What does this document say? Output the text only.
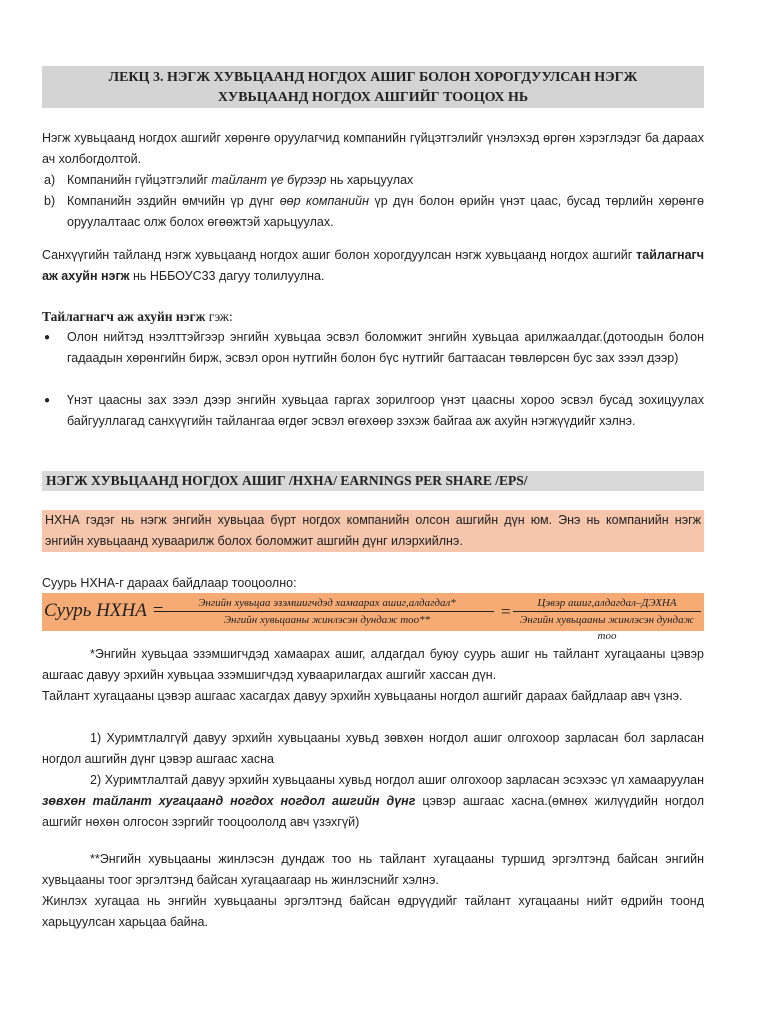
ЛЕКЦ 3. НЭГЖ ХУВЬЦААНД НОГДОХ АШИГ БОЛОН ХОРОГДУУЛСАН НЭГЖ
ХУВЬЦААНД НОГДОХ АШГИЙГ ТООЦОХ НЬ
Нэгж хувьцаанд ногдох ашгийг хөрөнгө оруулагчид компанийн гүйцэтгэлийг үнэлэхэд өргөн хэрэглэдэг ба дараах ач холбогдолтой.
a) Компанийн гүйцэтгэлийг тайлант үе бүрээр нь харьцуулах
b) Компанийн эздийн өмчийн үр дүнг өөр компанийн үр дүн болон өрийн үнэт цаас, бусад төрлийн хөрөнгө оруулалтаас олж болох өгөөжтэй харьцуулах.
Санхүүгийн тайланд нэгж хувьцаанд ногдох ашиг болон хорогдуулсан нэгж хувьцаанд ногдох ашгийг тайлагнагч аж ахуйн нэгж нь НББОУС33 дагуу толилуулна.
Тайлагнагч аж ахуйн нэгж гэж:
● Олон нийтэд нээлттэйгээр энгийн хувьцаа эсвэл боломжит энгийн хувьцаа арилжаалдаг.(дотоодын болон гадаадын хөрөнгийн бирж, эсвэл орон нутгийн болон бүс нутгийг багтаасан төвлөрсөн бус зах зээл дээр)
● Үнэт цаасны зах зээл дээр энгийн хувьцаа гаргах зорилгоор үнэт цаасны хороо эсвэл бусад зохицуулах байгууллагад санхүүгийн тайлангаа өгдөг эсвэл өгөхөөр зэхэж байгаа аж ахуйн нэгжүүдийг хэлнэ.
НЭГЖ ХУВЬЦААНД НОГДОХ АШИГ /НХНА/ EARNINGS PER SHARE /EPS/
НХНА гэдэг нь нэгж энгийн хувьцаа бүрт ногдох компанийн олсон ашгийн дүн юм. Энэ нь компанийн нэгж энгийн хувьцаанд хуваарилж болох боломжит ашгийн дүнг илэрхийлнэ.
Суурь НХНА-г дараах байдлаар тооцоолно:
Суурь НХНА =	Энгийн хувьцаа эзэмшигчдэд хамаарах ашиг,алдагдал*
Энгийн хувьцааны жинлэсэн дундаж тоо**	=	Цэвэр ашиг,алдагдал–ДЭХНА
Энгийн хувьцааны жинлэсэн дундаж тоо
*Энгийн хувьцаа эзэмшигчдэд хамаарах ашиг, алдагдал буюу суурь ашиг нь тайлант хугацааны цэвэр ашгаас давуу эрхийн хувьцаа эзэмшигчдэд хуваарилагдах ашгийг хассан дүн.
Тайлант хугацааны цэвэр ашгаас хасагдах давуу эрхийн хувьцааны ногдол ашгийг дараах байдлаар авч үзнэ.
1) Хуримтлалгүй давуу эрхийн хувьцааны хувьд зөвхөн ногдол ашиг олгохоор зарласан бол зарласан ногдол ашгийн дүнг цэвэр ашгаас хасна
2) Хуримтлалтай давуу эрхийн хувьцааны хувьд ногдол ашиг олгохоор зарласан эсэхээс үл хамааруулан зөвхөн тайлант хугацаанд ногдох ногдол ашгийн дүнг цэвэр ашгаас хасна.(өмнөх жилүүдийн ногдол ашгийг нөхөн олгосон зэргийг тооцоололд авч үзэхгүй)
**Энгийн хувьцааны жинлэсэн дундаж тоо нь тайлант хугацааны туршид эргэлтэнд байсан энгийн хувьцааны тоог эргэлтэнд байсан хугацаагаар нь жинлэснийг хэлнэ.
Жинлэх хугацаа нь энгийн хувьцааны эргэлтэнд байсан өдрүүдийг тайлант хугацааны нийт өдрийн тоонд харьцуулсан харьцаа байна.
